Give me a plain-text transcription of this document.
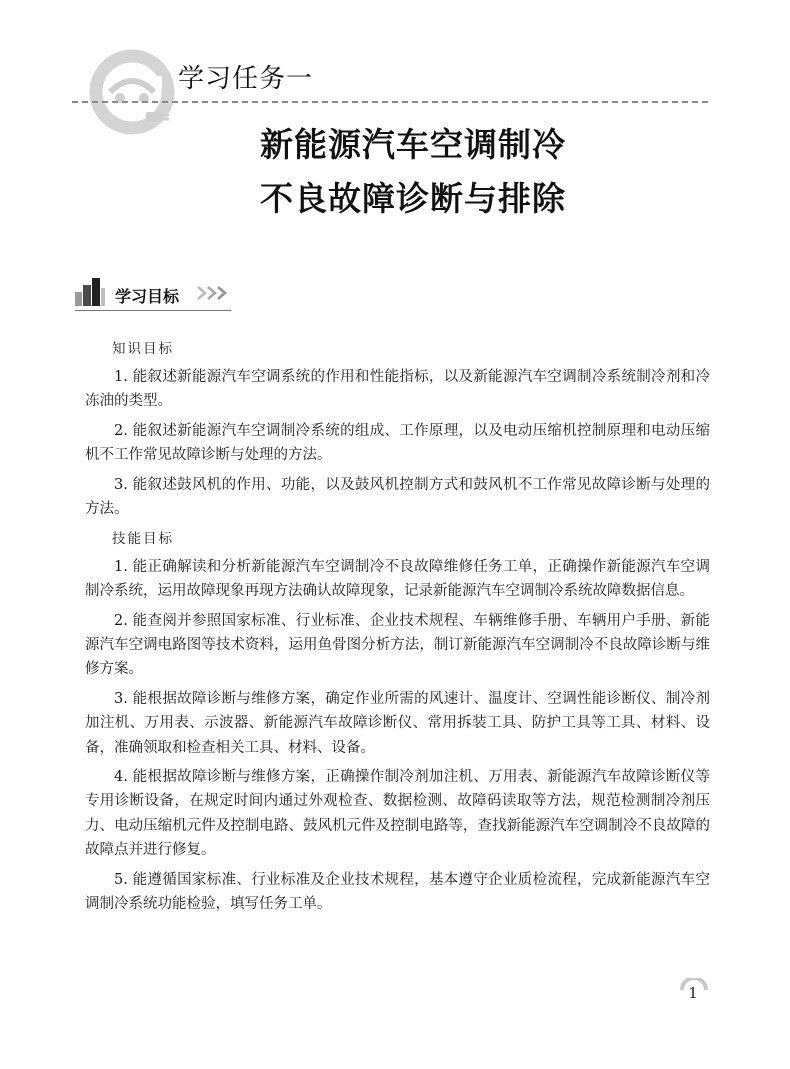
学习任务一
新能源汽车空调制冷
不良故障诊断与排除
学习目标
知识目标

1. 能叙述新能源汽车空调系统的作用和性能指标，以及新能源汽车空调制冷系统制冷剂和冷冻油的类型。

2. 能叙述新能源汽车空调制冷系统的组成、工作原理，以及电动压缩机控制原理和电动压缩机不工作常见故障诊断与处理的方法。

3. 能叙述鼓风机的作用、功能，以及鼓风机控制方式和鼓风机不工作常见故障诊断与处理的方法。

技能目标

1. 能正确解读和分析新能源汽车空调制冷不良故障维修任务工单，正确操作新能源汽车空调制冷系统，运用故障现象再现方法确认故障现象，记录新能源汽车空调制冷系统故障数据信息。

2. 能查阅并参照国家标准、行业标准、企业技术规程、车辆维修手册、车辆用户手册、新能源汽车空调电路图等技术资料，运用鱼骨图分析方法，制订新能源汽车空调制冷不良故障诊断与维修方案。

3. 能根据故障诊断与维修方案，确定作业所需的风速计、温度计、空调性能诊断仪、制冷剂加注机、万用表、示波器、新能源汽车故障诊断仪、常用拆装工具、防护工具等工具、材料、设备，准确领取和检查相关工具、材料、设备。

4. 能根据故障诊断与维修方案，正确操作制冷剂加注机、万用表、新能源汽车故障诊断仪等专用诊断设备，在规定时间内通过外观检查、数据检测、故障码读取等方法，规范检测制冷剂压力、电动压缩机元件及控制电路、鼓风机元件及控制电路等，查找新能源汽车空调制冷不良故障的故障点并进行修复。

5. 能遵循国家标准、行业标准及企业技术规程，基本遵守企业质检流程，完成新能源汽车空调制冷系统功能检验，填写任务工单。

1
